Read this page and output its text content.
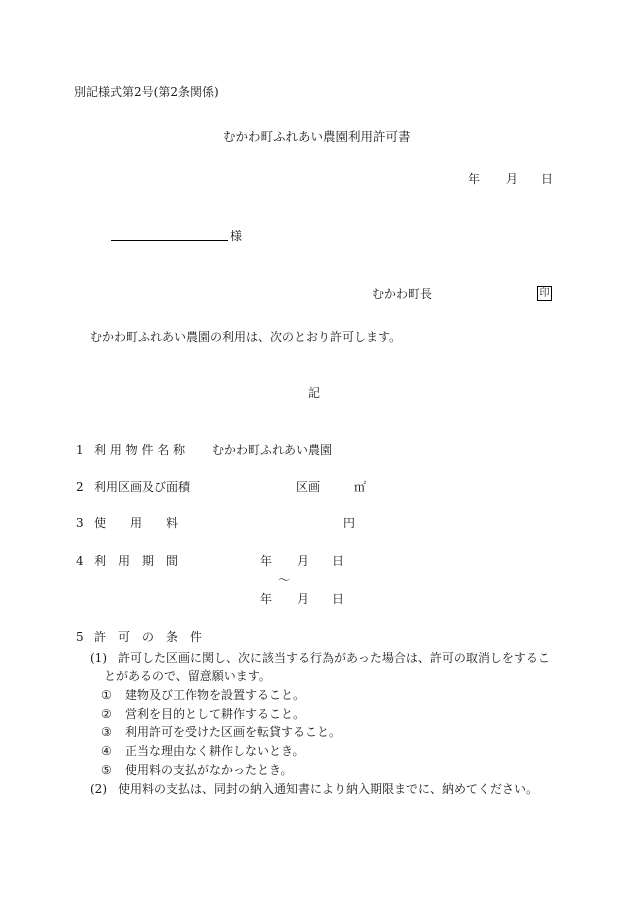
別記様式第2号(第2条関係)
むかわ町ふれあい農園利用許可書
年 月 日
様
むかわ町長	印
むかわ町ふれあい農園の利用は、次のとおり許可します。
記
1 利 用 物 件 名 称 むかわ町ふれあい農園
2 利用区画及び面積	区画	㎡
3 使　　用　　料	円
4 利　用　期　間	年 月 日
〜
年 月 日
5 許　可　の　条　件
(1) 許可した区画に関し、次に該当する行為があった場合は、許可の取消しをするこ
とがあるので、留意願います。
① 建物及び工作物を設置すること。
② 営利を目的として耕作すること。
③ 利用許可を受けた区画を転貸すること。
④ 正当な理由なく耕作しないとき。
⑤ 使用料の支払がなかったとき。
(2) 使用料の支払は、同封の納入通知書により納入期限までに、納めてください。
